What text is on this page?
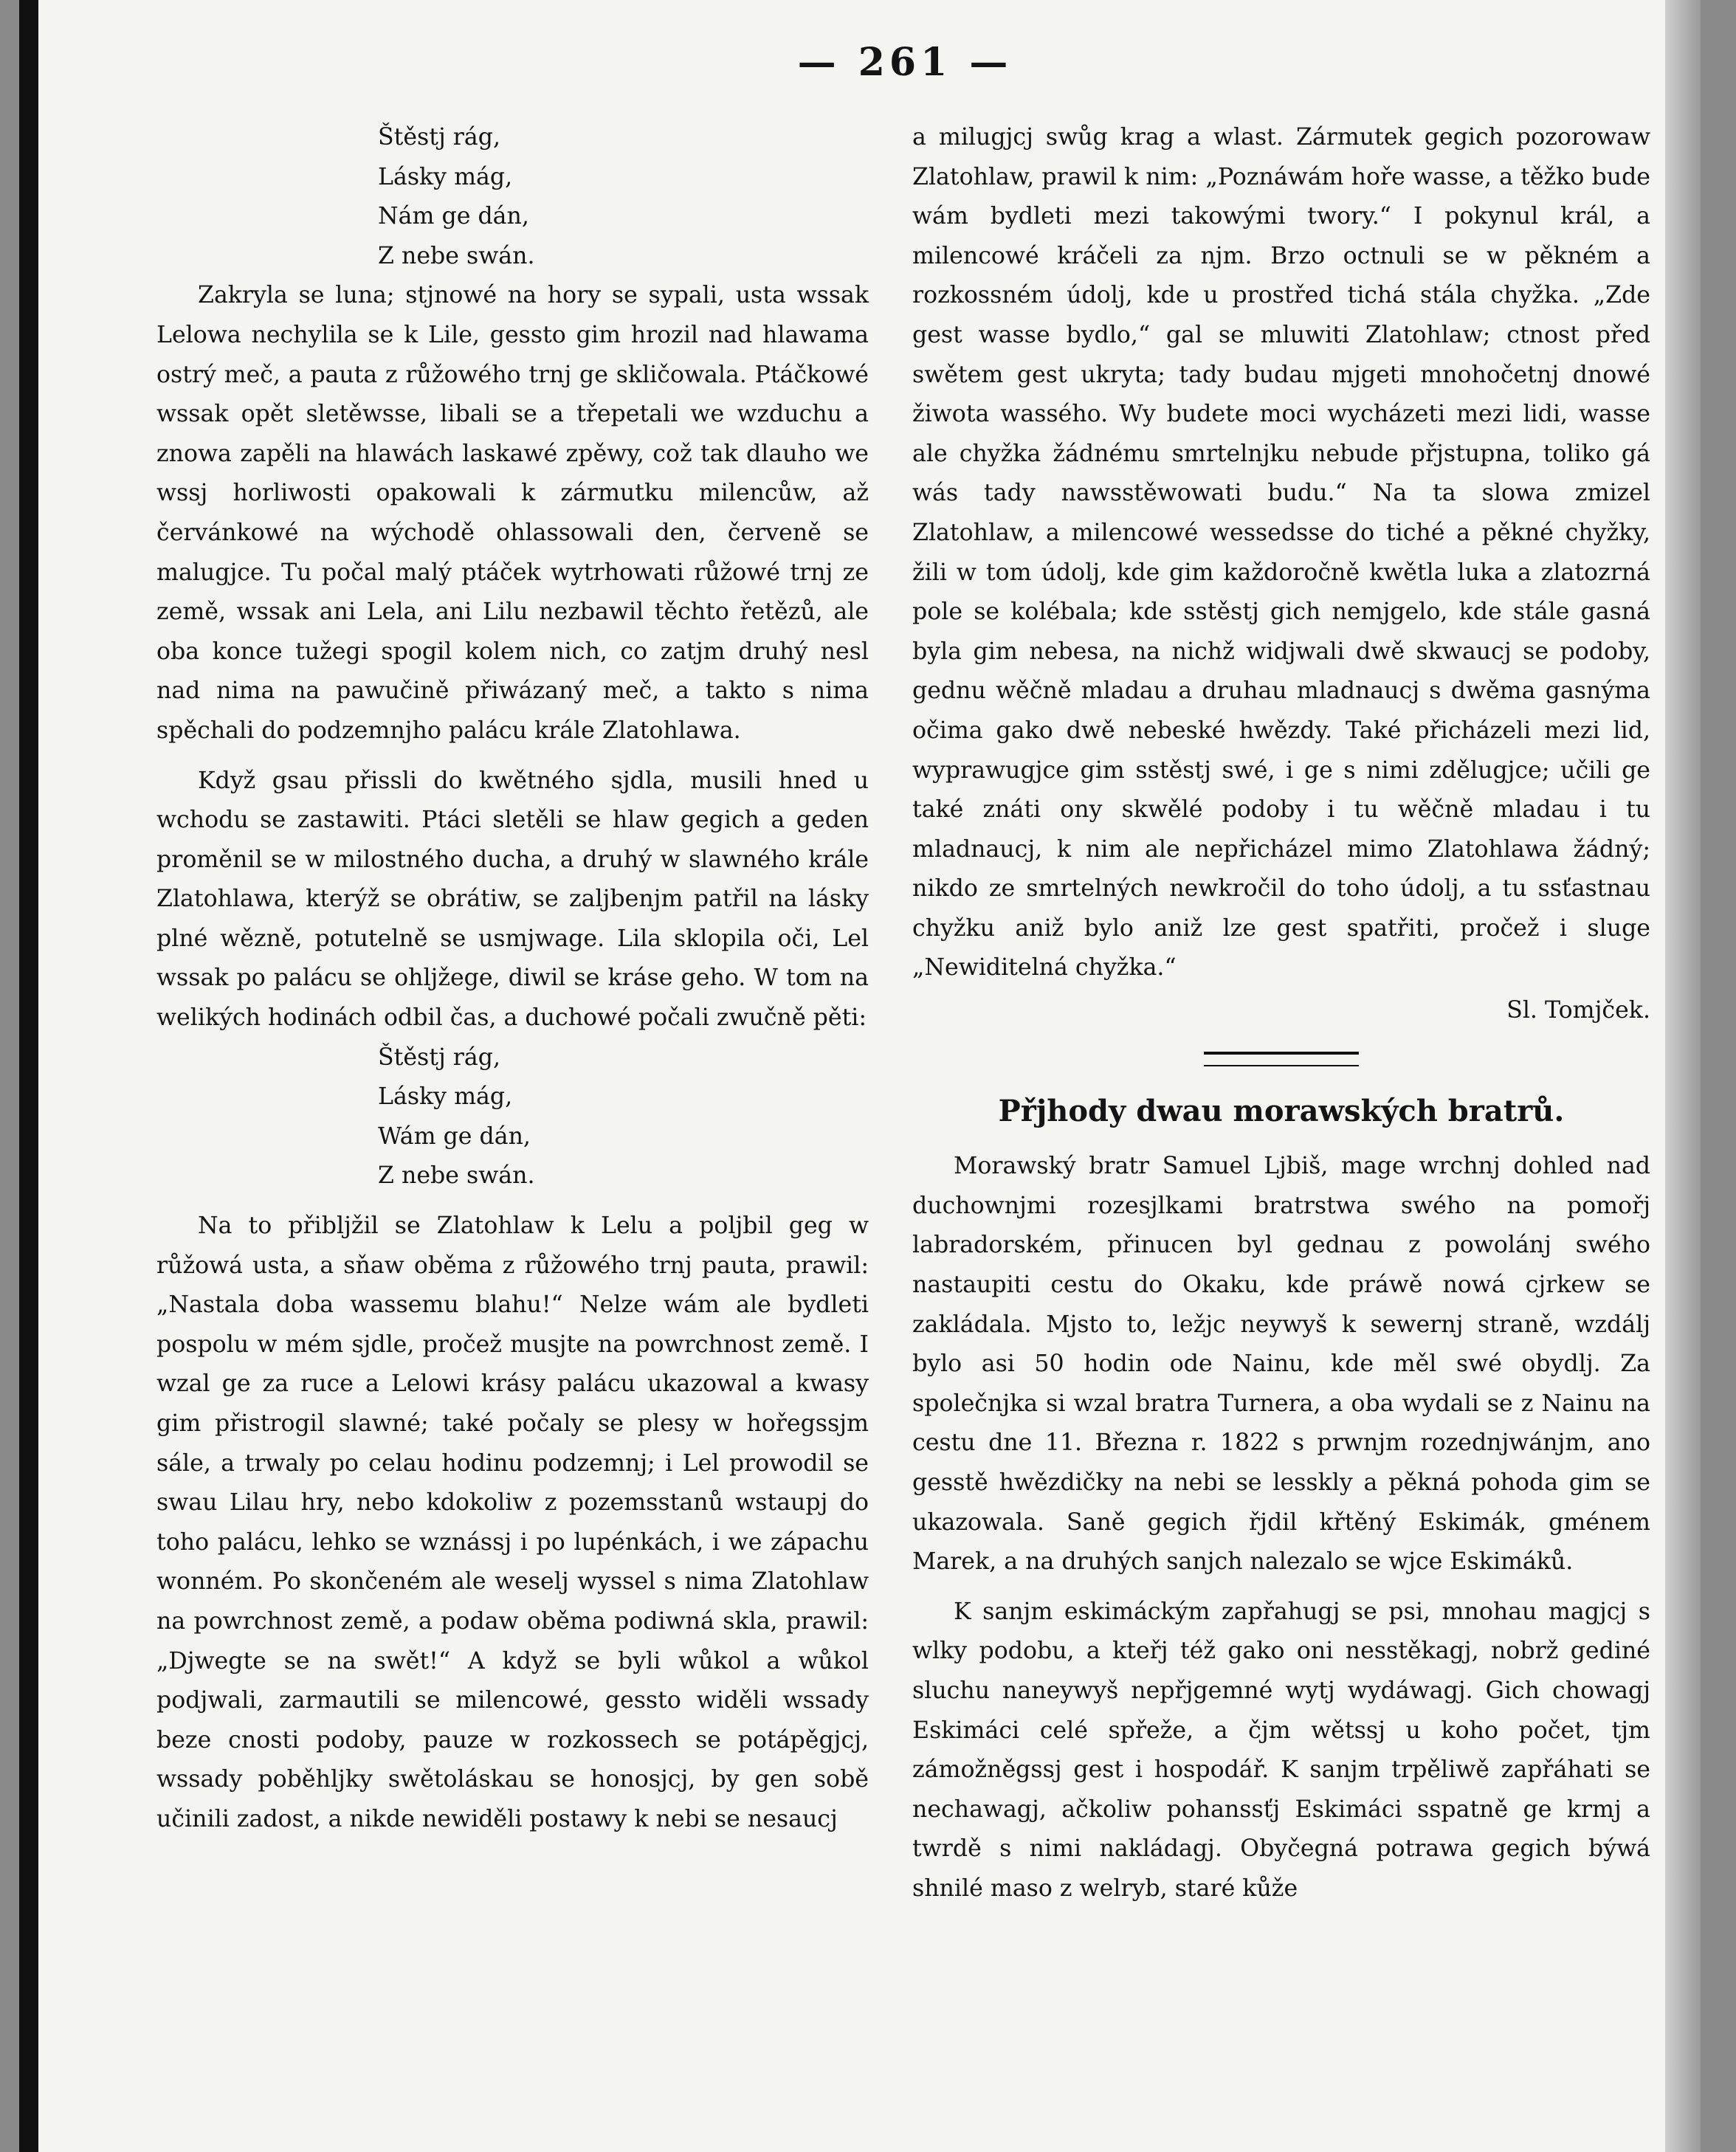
— 261 —
Štěstj rág,
Lásky mág,
Nám ge dán,
Z nebe swán.

Zakryla se luna; stjnowé na hory se sypali, usta wssak Lelowa nechylila se k Lile, gessto gim hrozil nad hlawama ostrý meč, a pauta z růžowého trnj ge skličowala. Ptáčkowé wssak opět sletěwsse, libali se a třepetali we wzduchu a znowa zapěli na hlawách laskawé zpěwy, což tak dlauho we wssj horliwosti opakowali k zármutku milencůw, až červánkowé na wýchodě ohlassowali den, červeně se malugjce. Tu počal malý ptáček wytrhowati růžowé trnj ze země, wssak ani Lela, ani Lilu nezbawil těchto řetězů, ale oba konce tužegi spogil kolem nich, co zatjm druhý nesl nad nima na pawučině přiwázaný meč, a takto s nima spěchali do podzemnjho palácu krále Zlatohlawa.

Když gsau přissli do kwětného sjdla, musili hned u wchodu se zastawiti. Ptáci sletěli se hlaw gegich a geden proměnil se w milostného ducha, a druhý w slawného krále Zlatohlawa, kterýž se obrátiw, se zaljbenjm patřil na lásky plné wězně, potutelně se usmjwage. Lila sklopila oči, Lel wssak po palácu se ohljžege, diwil se kráse geho. W tom na welikých hodinách odbil čas, a duchowé počali zwučně pěti:

Štěstj rág,
Lásky mág,
Wám ge dán,
Z nebe swán.

Na to přibljžil se Zlatohlaw k Lelu a poljbil geg w růžowá usta, a sňaw oběma z růžowého trnj pauta, prawil: „Nastala doba wassemu blahu!“ Nelze wám ale bydleti pospolu w mém sjdle, pročež musjte na powrchnost země. I wzal ge za ruce a Lelowi krásy palácu ukazowal a kwasy gim přistrogil slawné; také počaly se plesy w hořegssjm sále, a trwaly po celau hodinu podzemnj; i Lel prowodil se swau Lilau hry, nebo kdokoliw z pozemsstanů wstaupj do toho palácu, lehko se wznássj i po lupénkách, i we zápachu wonném. Po skončeném ale weselj wyssel s nima Zlatohlaw na powrchnost země, a podaw oběma podiwná skla, prawil: „Djwegte se na swět!“ A když se byli wůkol a wůkol podjwali, zarmautili se milencowé, gessto widěli wssady beze cnosti podoby, pauze w rozkossech se potápěgjcj, wssady poběhljky swětoláskau se honosjcj, by gen sobě učinili zadost, a nikde newiděli postawy k nebi se nesaucj

a milugjcj swůg krag a wlast. Zármutek gegich pozorowaw Zlatohlaw, prawil k nim: „Poznáwám hoře wasse, a těžko bude wám bydleti mezi takowými twory.“ I pokynul král, a milencowé kráčeli za njm. Brzo octnuli se w pěkném a rozkossném údolj, kde u prostřed tichá stála chyžka. „Zde gest wasse bydlo,“ gal se mluwiti Zlatohlaw; ctnost před swětem gest ukryta; tady budau mjgeti mnohočetnj dnowé žiwota wassého. Wy budete moci wycházeti mezi lidi, wasse ale chyžka žádnému smrtelnjku nebude přjstupna, toliko gá wás tady nawsstěwowati budu.“ Na ta slowa zmizel Zlatohlaw, a milencowé wessedsse do tiché a pěkné chyžky, žili w tom údolj, kde gim každoročně kwětla luka a zlatozrná pole se kolébala; kde sstěstj gich nemjgelo, kde stále gasná byla gim nebesa, na nichž widjwali dwě skwaucj se podoby, gednu wěčně mladau a druhau mladnaucj s dwěma gasnýma očima gako dwě nebeské hwězdy. Také přicházeli mezi lid, wyprawugjce gim sstěstj swé, i ge s nimi zdělugjce; učili ge také znáti ony skwělé podoby i tu wěčně mladau i tu mladnaucj, k nim ale nepřicházel mimo Zlatohlawa žádný; nikdo ze smrtelných newkročil do toho údolj, a tu ssťastnau chyžku aniž bylo aniž lze gest spatřiti, pročež i sluge „Newiditelná chyžka.“

Sl. Tomjček.
Přjhody dwau morawských bratrů.

Morawský bratr Samuel Ljbiš, mage wrchnj dohled nad duchownjmi rozesjlkami bratrstwa swého na pomořj labradorském, přinucen byl gednau z powolánj swého nastaupiti cestu do Okaku, kde práwě nowá cjrkew se zakládala. Mjsto to, ležjc neywyš k sewernj straně, wzdálj bylo asi 50 hodin ode Nainu, kde měl swé obydlj. Za společnjka si wzal bratra Turnera, a oba wydali se z Nainu na cestu dne 11. Března r. 1822 s prwnjm rozednjwánjm, ano gesstě hwězdičky na nebi se lesskly a pěkná pohoda gim se ukazowala. Saně gegich řjdil křtěný Eskimák, gménem Marek, a na druhých sanjch nalezalo se wjce Eskimáků.

K sanjm eskimáckým zapřahugj se psi, mnohau magjcj s wlky podobu, a kteřj též gako oni nesstěkagj, nobrž gediné sluchu naneywyš nepřjgemné wytj wydáwagj. Gich chowagj Eskimáci celé spřeže, a čjm wětssj u koho počet, tjm zámožněgssj gest i hospodář. K sanjm trpěliwě zapřáhati se nechawagj, ačkoliw pohanssťj Eskimáci sspatně ge krmj a twrdě s nimi nakládagj. Obyčegná potrawa gegich býwá shnilé maso z welryb, staré kůže
